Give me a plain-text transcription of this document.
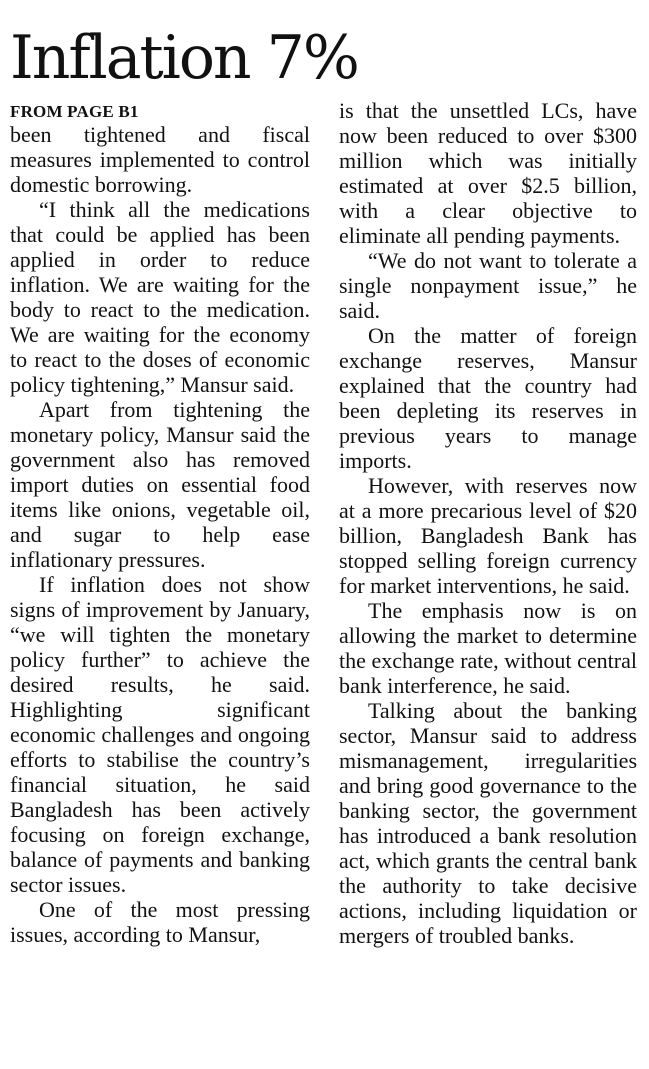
Inflation 7%
FROM PAGE B1

been tightened and fiscal measures implemented to control domestic borrowing.

“I think all the medications that could be applied has been applied in order to reduce inflation. We are waiting for the body to react to the medication. We are waiting for the economy to react to the doses of economic policy tightening,” Mansur said.

Apart from tightening the monetary policy, Mansur said the government also has removed import duties on essential food items like onions, vegetable oil, and sugar to help ease inflationary pressures.

If inflation does not show signs of improvement by January, “we will tighten the monetary policy further” to achieve the desired results, he said. Highlighting significant economic challenges and ongoing efforts to stabilise the country’s financial situation, he said Bangladesh has been actively focusing on foreign exchange, balance of payments and banking sector issues.

One of the most pressing issues, according to Mansur,

is that the unsettled LCs, have now been reduced to over $300 million which was initially estimated at over $2.5 billion, with a clear objective to eliminate all pending payments.

“We do not want to tolerate a single nonpayment issue,” he said.

On the matter of foreign exchange reserves, Mansur explained that the country had been depleting its reserves in previous years to manage imports.

However, with reserves now at a more precarious level of $20 billion, Bangladesh Bank has stopped selling foreign currency for market interventions, he said.

The emphasis now is on allowing the market to determine the exchange rate, without central bank interference, he said.

Talking about the banking sector, Mansur said to address mismanagement, irregularities and bring good governance to the banking sector, the government has introduced a bank resolution act, which grants the central bank the authority to take decisive actions, including liquidation or mergers of troubled banks.
